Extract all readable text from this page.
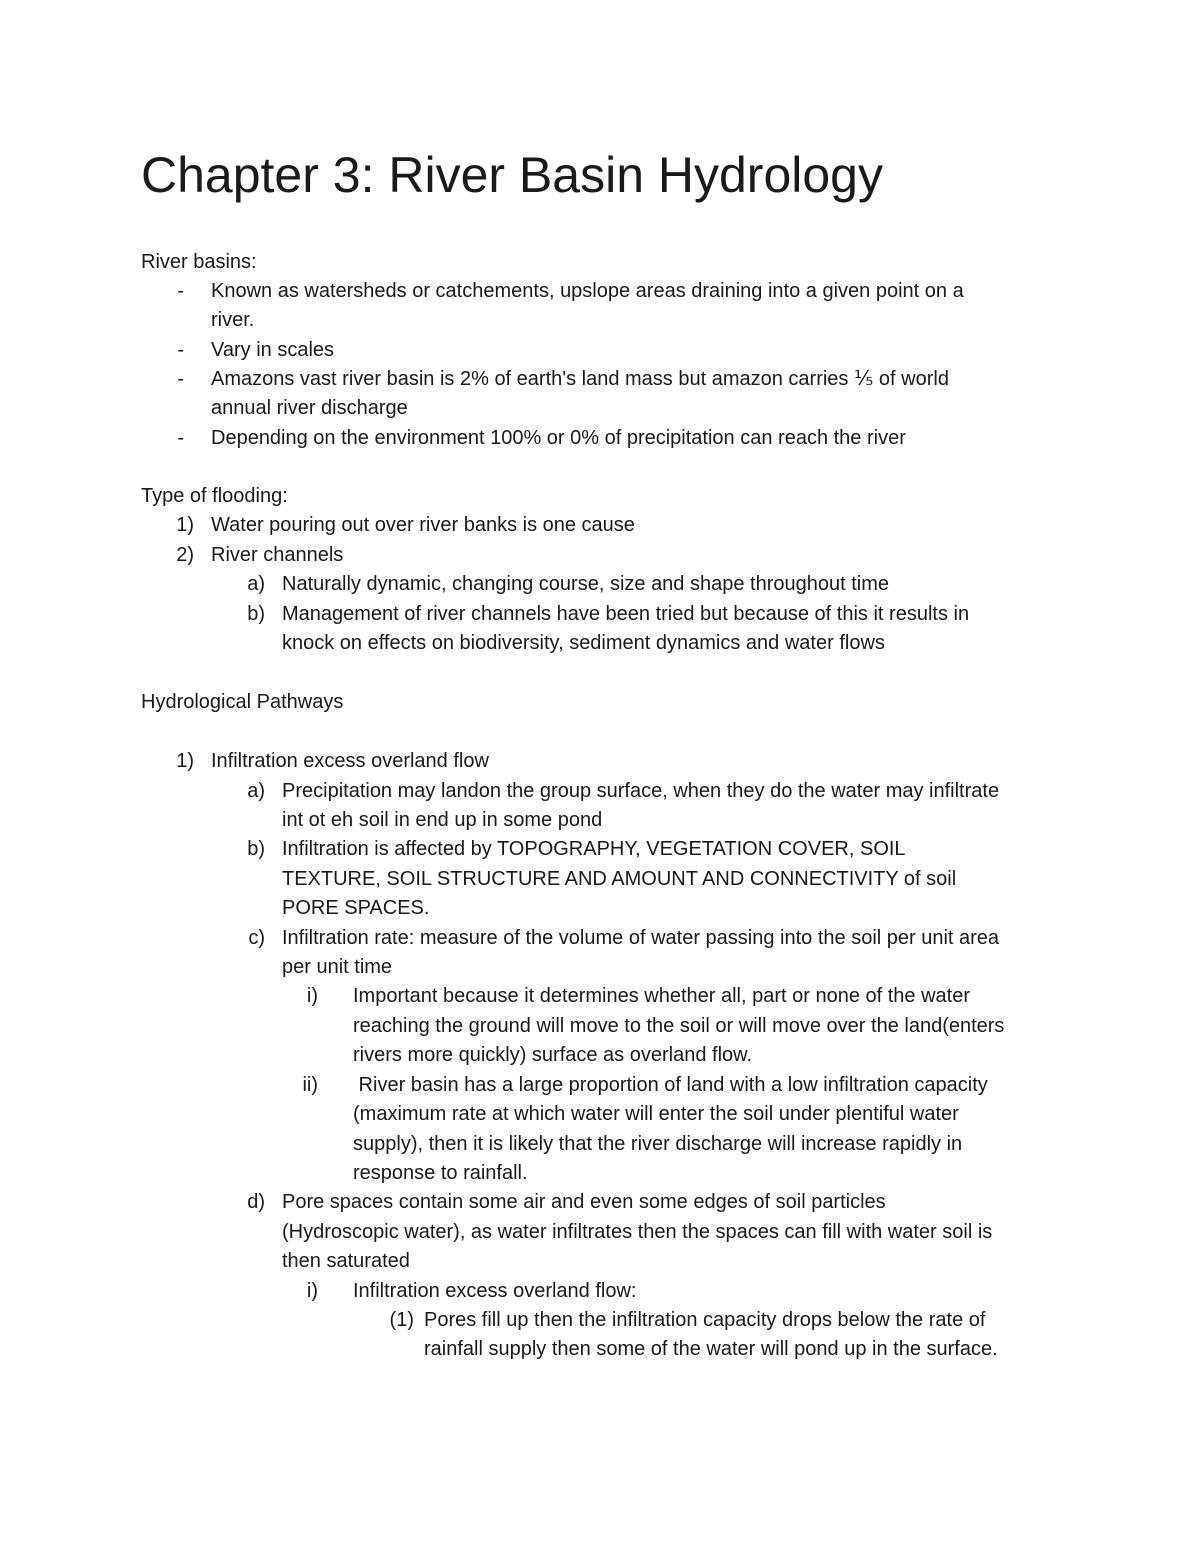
Chapter 3: River Basin Hydrology
River basins:
- Known as watersheds or catchements, upslope areas draining into a given point on a
river.
- Vary in scales
- Amazons vast river basin is 2% of earth's land mass but amazon carries ⅕ of world
annual river discharge
- Depending on the environment 100% or 0% of precipitation can reach the river
Type of flooding:
1) Water pouring out over river banks is one cause
2) River channels
a) Naturally dynamic, changing course, size and shape throughout time
b) Management of river channels have been tried but because of this it results in
knock on effects on biodiversity, sediment dynamics and water flows
Hydrological Pathways
1) Infiltration excess overland flow
a) Precipitation may landon the group surface, when they do the water may infiltrate
int ot eh soil in end up in some pond
b) Infiltration is affected by TOPOGRAPHY, VEGETATION COVER, SOIL
TEXTURE, SOIL STRUCTURE AND AMOUNT AND CONNECTIVITY of soil
PORE SPACES.
c) Infiltration rate: measure of the volume of water passing into the soil per unit area
per unit time
i) Important because it determines whether all, part or none of the water
reaching the ground will move to the soil or will move over the land(enters
rivers more quickly) surface as overland flow.
ii) River basin has a large proportion of land with a low infiltration capacity
(maximum rate at which water will enter the soil under plentiful water
supply), then it is likely that the river discharge will increase rapidly in
response to rainfall.
d) Pore spaces contain some air and even some edges of soil particles
(Hydroscopic water), as water infiltrates then the spaces can fill with water soil is
then saturated
i) Infiltration excess overland flow:
(1) Pores fill up then the infiltration capacity drops below the rate of
rainfall supply then some of the water will pond up in the surface.
